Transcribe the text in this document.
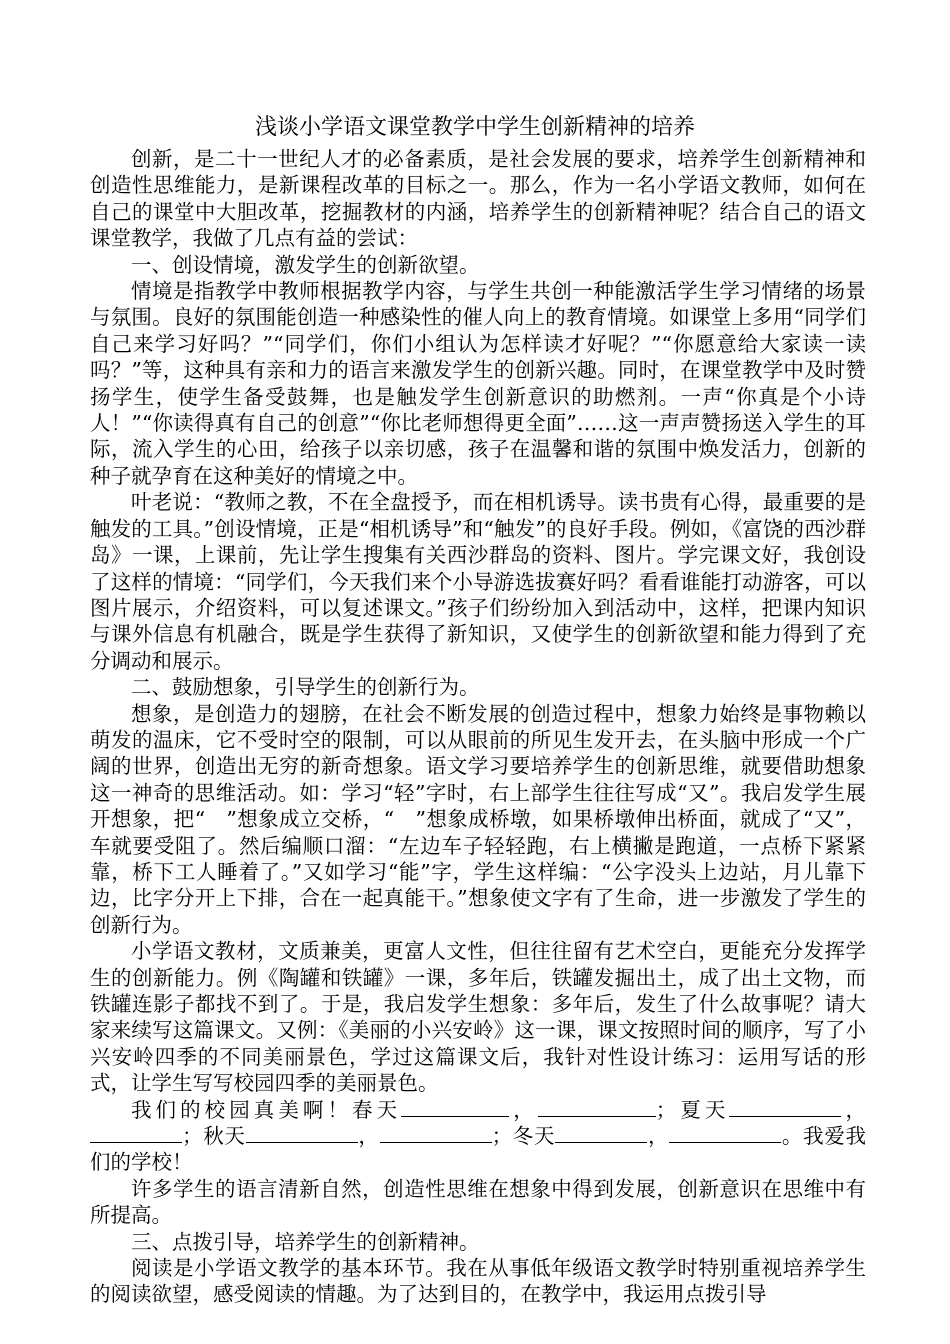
浅谈小学语文课堂教学中学生创新精神的培养

创新，是二十一世纪人才的必备素质，是社会发展的要求，培养学生创新精神和创造性思维能力，是新课程改革的目标之一。那么，作为一名小学语文教师，如何在自己的课堂中大胆改革，挖掘教材的内涵，培养学生的创新精神呢？结合自己的语文课堂教学，我做了几点有益的尝试：

一、创设情境，激发学生的创新欲望。

情境是指教学中教师根据教学内容，与学生共创一种能激活学生学习情绪的场景与氛围。良好的氛围能创造一种感染性的催人向上的教育情境。如课堂上多用“同学们自己来学习好吗？”“同学们，你们小组认为怎样读才好呢？”“你愿意给大家读一读吗？”等，这种具有亲和力的语言来激发学生的创新兴趣。同时，在课堂教学中及时赞扬学生，使学生备受鼓舞，也是触发学生创新意识的助燃剂。一声“你真是个小诗人！”“你读得真有自己的创意”“你比老师想得更全面”……这一声声赞扬送入学生的耳际，流入学生的心田，给孩子以亲切感，孩子在温馨和谐的氛围中焕发活力，创新的种子就孕育在这种美好的情境之中。

叶老说：“教师之教，不在全盘授予，而在相机诱导。读书贵有心得，最重要的是触发的工具。”创设情境，正是“相机诱导”和“触发”的良好手段。例如，《富饶的西沙群岛》一课，上课前，先让学生搜集有关西沙群岛的资料、图片。学完课文好，我创设了这样的情境：“同学们，今天我们来个小导游选拔赛好吗？看看谁能打动游客，可以图片展示，介绍资料，可以复述课文。”孩子们纷纷加入到活动中，这样，把课内知识与课外信息有机融合，既是学生获得了新知识，又使学生的创新欲望和能力得到了充分调动和展示。

二、鼓励想象，引导学生的创新行为。

想象，是创造力的翅膀，在社会不断发展的创造过程中，想象力始终是事物赖以萌发的温床，它不受时空的限制，可以从眼前的所见生发开去，在头脑中形成一个广阔的世界，创造出无穷的新奇想象。语文学习要培养学生的创新思维，就要借助想象这一神奇的思维活动。如：学习“轻”字时，右上部学生往往写成“又”。我启发学生展开想象，把“　”想象成立交桥，“　”想象成桥墩，如果桥墩伸出桥面，就成了“又”，车就要受阻了。然后编顺口溜：“左边车子轻轻跑，右上横撇是跑道，一点桥下紧紧靠，桥下工人睡着了。”又如学习“能”字，学生这样编：“公字没头上边站，月儿靠下边，比字分开上下排，合在一起真能干。”想象使文字有了生命，进一步激发了学生的创新行为。

小学语文教材，文质兼美，更富人文性，但往往留有艺术空白，更能充分发挥学生的创新能力。例《陶罐和铁罐》一课，多年后，铁罐发掘出土，成了出土文物，而铁罐连影子都找不到了。于是，我启发学生想象：多年后，发生了什么故事呢？请大家来续写这篇课文。又例：《美丽的小兴安岭》这一课，课文按照时间的顺序，写了小兴安岭四季的不同美丽景色，学过这篇课文后，我针对性设计练习：运用写话的形式，让学生写写校园四季的美丽景色。

我们的校园真美啊！春天	，	；夏天	，；秋天	，	；冬天	，	。我爱我们的学校！

许多学生的语言清新自然，创造性思维在想象中得到发展，创新意识在思维中有所提高。

三、点拨引导，培养学生的创新精神。

阅读是小学语文教学的基本环节。我在从事低年级语文教学时特别重视培养学生的阅读欲望，感受阅读的情趣。为了达到目的，在教学中，我运用点拨引导
